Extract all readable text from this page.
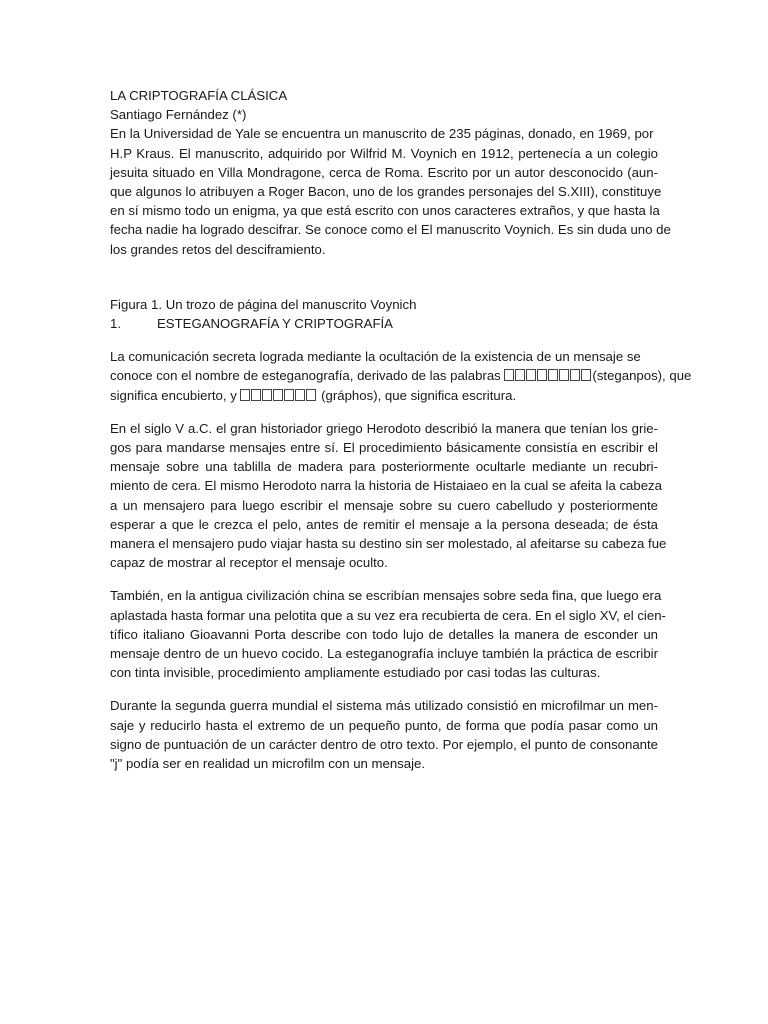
LA CRIPTOGRAFÍA CLÁSICA

Santiago Fernández (*)

En la Universidad de Yale se encuentra un manuscrito de 235 páginas, donado, en 1969, por

H.P Kraus. El manuscrito, adquirido por Wilfrid M. Voynich en 1912, pertenecía a un colegio
jesuita situado en Villa Mondragone, cerca de Roma. Escrito por un autor desconocido (aun-
que algunos lo atribuyen a Roger Bacon, uno de los grandes personajes del S.XIII), constituye
en sí mismo todo un enigma, ya que está escrito con unos caracteres extraños, y que hasta la
fecha nadie ha logrado descifrar. Se conoce como el El manuscrito Voynich. Es sin duda uno de
los grandes retos del desciframiento.

Figura 1. Un trozo de página del manuscrito Voynich

1.	ESTEGANOGRAFÍA Y CRIPTOGRAFÍA
La comunicación secreta lograda mediante la ocultación de la existencia de un mensaje se
conoce con el nombre de esteganografía, derivado de las palabras	(steganpos), que
significa encubierto, y	(gráphos), que significa escritura.
En el siglo V a.C. el gran historiador griego Herodoto describió la manera que tenían los grie-
gos para mandarse mensajes entre sí. El procedimiento básicamente consistía en escribir el
mensaje sobre una tablilla de madera para posteriormente ocultarle mediante un recubri-
miento de cera. El mismo Herodoto narra la historia de Histaiaeo en la cual se afeita la cabeza
a un mensajero para luego escribir el mensaje sobre su cuero cabelludo y posteriormente
esperar a que le crezca el pelo, antes de remitir el mensaje a la persona deseada; de ésta
manera el mensajero pudo viajar hasta su destino sin ser molestado, al afeitarse su cabeza fue
capaz de mostrar al receptor el mensaje oculto.
También, en la antigua civilización china se escribían mensajes sobre seda fina, que luego era
aplastada hasta formar una pelotita que a su vez era recubierta de cera. En el siglo XV, el cien-
tífico italiano Gioavanni Porta describe con todo lujo de detalles la manera de esconder un
mensaje dentro de un huevo cocido. La esteganografía incluye también la práctica de escribir
con tinta invisible, procedimiento ampliamente estudiado por casi todas las culturas.
Durante la segunda guerra mundial el sistema más utilizado consistió en microfilmar un men-
saje y reducirlo hasta el extremo de un pequeño punto, de forma que podía pasar como un
signo de puntuación de un carácter dentro de otro texto. Por ejemplo, el punto de consonante
"j" podía ser en realidad un microfilm con un mensaje.
